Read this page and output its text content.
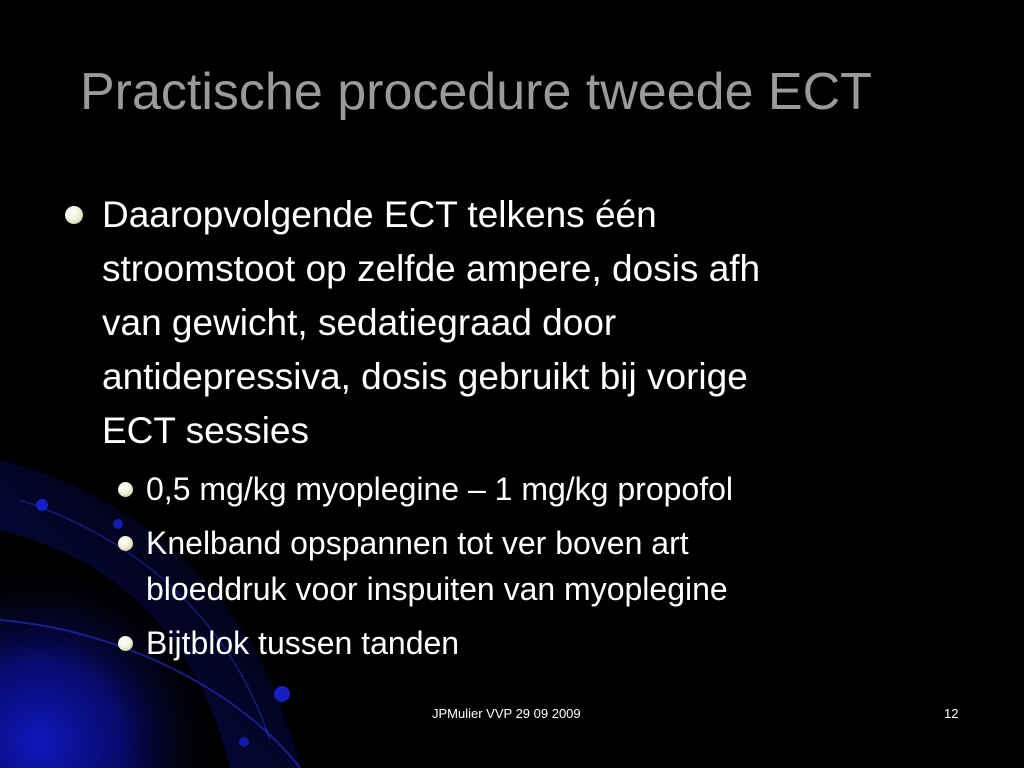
Practische procedure tweede ECT
Daaropvolgende ECT telkens één
stroomstoot op zelfde ampere, dosis afh
van gewicht, sedatiegraad door
antidepressiva, dosis gebruikt bij vorige
ECT sessies
0,5 mg/kg myoplegine – 1 mg/kg propofol
Knelband opspannen tot ver boven art
bloeddruk voor inspuiten van myoplegine
Bijtblok tussen tanden
JPMulier VVP 29 09 2009	12
